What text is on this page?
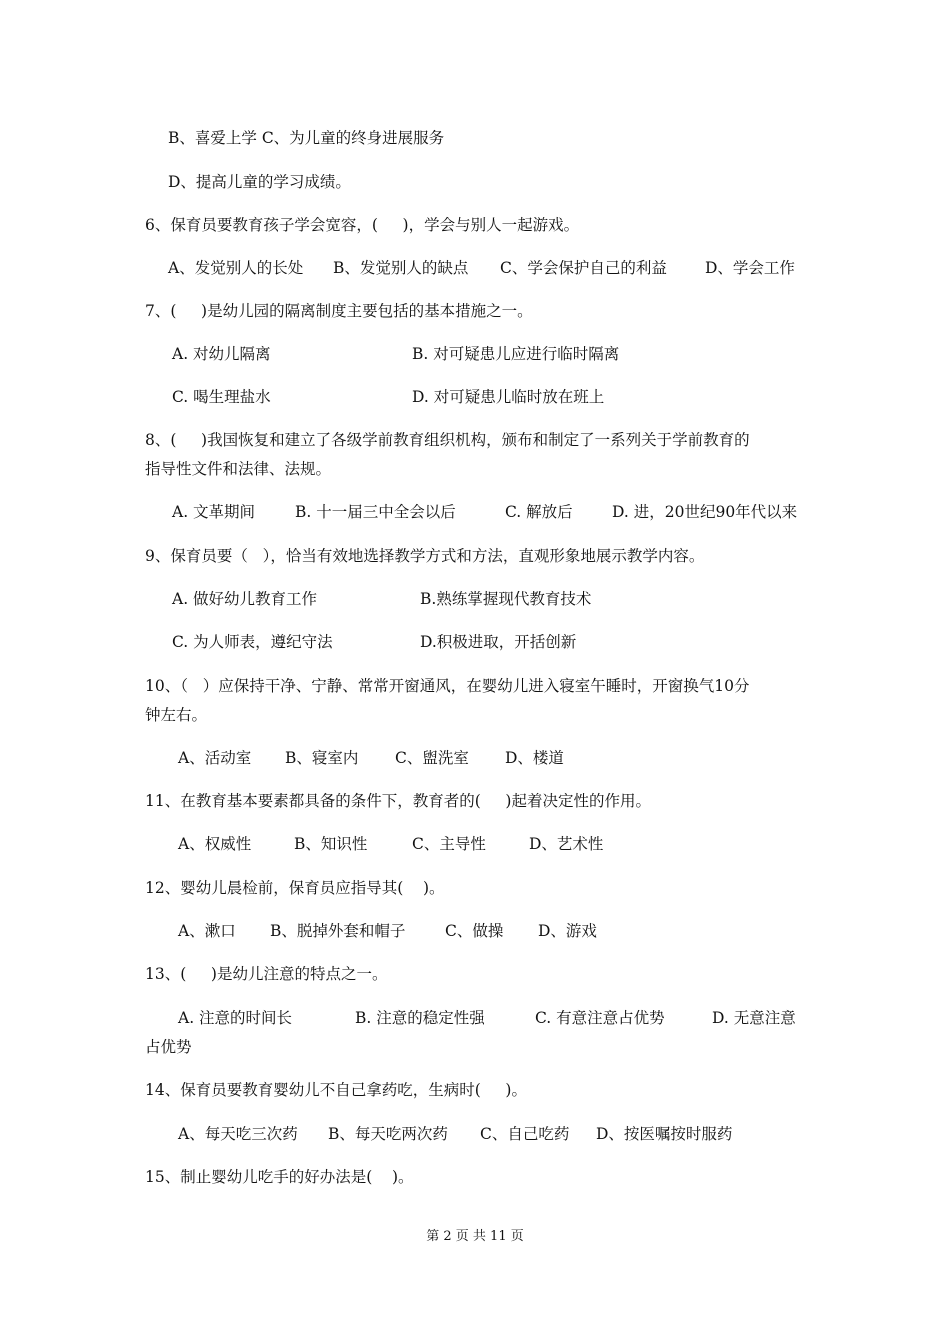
B、喜爱上学 C、为儿童的终身进展服务
D、提高儿童的学习成绩。
6、保育员要教育孩子学会宽容，(     )，学会与别人一起游戏。
A、发觉别人的长处 B、发觉别人的缺点 C、学会保护自己的利益 D、学会工作
7、(     )是幼儿园的隔离制度主要包括的基本措施之一。
A. 对幼儿隔离	B. 对可疑患儿应进行临时隔离
C. 喝生理盐水	D. 对可疑患儿临时放在班上
8、(     )我国恢复和建立了各级学前教育组织机构，颁布和制定了一系列关于学前教育的
指导性文件和法律、法规。
A. 文革期间	B. 十一届三中全会以后	C. 解放后	D. 进，20世纪90年代以来
9、保育员要（   ），恰当有效地选择教学方式和方法，直观形象地展示教学内容。
A. 做好幼儿教育工作	B.熟练掌握现代教育技术
C. 为人师表，遵纪守法	D.积极进取，开括创新
10、（   ）应保持干净、宁静、常常开窗通风，在婴幼儿进入寝室午睡时，开窗换气10分
钟左右。
A、活动室 B、寝室内 C、盥洗室 D、楼道
11、在教育基本要素都具备的条件下，教育者的(     )起着决定性的作用。
A、权威性	B、知识性	C、主导性	D、艺术性
12、婴幼儿晨检前，保育员应指导其(    )。
A、漱口 B、脱掉外套和帽子	C、做操 D、游戏
13、(     )是幼儿注意的特点之一。
A. 注意的时间长	B. 注意的稳定性强	C. 有意注意占优势	D. 无意注意
占优势
14、保育员要教育婴幼儿不自己拿药吃，生病时(     )。
A、每天吃三次药 B、每天吃两次药 C、自己吃药 D、按医嘱按时服药
15、制止婴幼儿吃手的好办法是(    )。
第 2 页 共 11 页
